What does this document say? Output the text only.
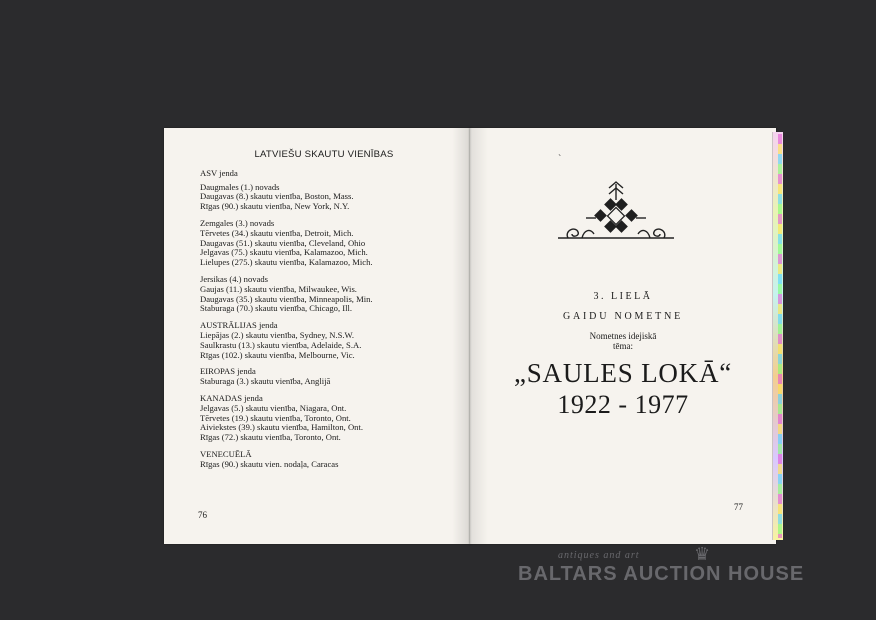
LATVIEŠU SKAUTU VIENĪBAS
ASV jenda
Daugmales (1.) novads
Daugavas (8.) skautu vienība, Boston, Mass.
Rīgas (90.) skautu vienība, New York, N.Y.
Zemgales (3.) novads
Tērvetes (34.) skautu vienība, Detroit, Mich.
Daugavas (51.) skautu vienība, Cleveland, Ohio
Jelgavas (75.) skautu vienība, Kalamazoo, Mich.
Lielupes (275.) skautu vienība, Kalamazoo, Mich.
Jersikas (4.) novads
Gaujas (11.) skautu vienība, Milwaukee, Wis.
Daugavas (35.) skautu vienība, Minneapolis, Min.
Staburaga (70.) skautu vienība, Chicago, Ill.
AUSTRĀLIJAS jenda
Liepājas (2.) skautu vienība, Sydney, N.S.W.
Saulkrastu (13.) skautu vienība, Adelaide, S.A.
Rīgas (102.) skautu vienība, Melbourne, Vic.
EIROPAS jenda
Staburaga (3.) skautu vienība, Anglijā
KANADAS jenda
Jelgavas (5.) skautu vienība, Niagara, Ont.
Tērvetes (19.) skautu vienība, Toronto, Ont.
Aiviekstes (39.) skautu vienība, Hamilton, Ont.
Rīgas (72.) skautu vienība, Toronto, Ont.
VENECUĒLĀ
Rīgas (90.) skautu vien. nodaļa, Caracas
76
ˋ
3. LIELĀ
GAIDU NOMETNE
Nometnes idejiskā
tēma:
„SAULES LOKĀ“
1922 - 1977
77
antiques and art	♛
BALTARS AUCTION HOUSE
